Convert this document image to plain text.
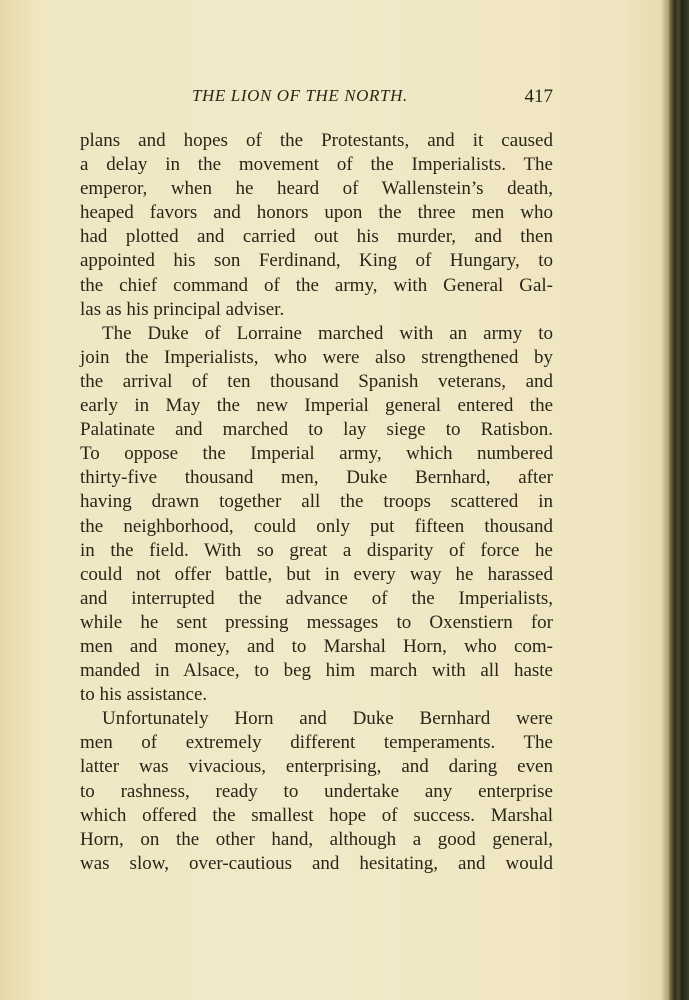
THE LION OF THE NORTH.	417
plans and hopes of the Protestants, and it caused
a delay in the movement of the Imperialists. The
emperor, when he heard of Wallenstein’s death,
heaped favors and honors upon the three men who
had plotted and carried out his murder, and then
appointed his son Ferdinand, King of Hungary, to
the chief command of the army, with General Gal-
las as his principal adviser.
The Duke of Lorraine marched with an army to
join the Imperialists, who were also strengthened by
the arrival of ten thousand Spanish veterans, and
early in May the new Imperial general entered the
Palatinate and marched to lay siege to Ratisbon.
To oppose the Imperial army, which numbered
thirty-five thousand men, Duke Bernhard, after
having drawn together all the troops scattered in
the neighborhood, could only put fifteen thousand
in the field. With so great a disparity of force he
could not offer battle, but in every way he harassed
and interrupted the advance of the Imperialists,
while he sent pressing messages to Oxenstiern for
men and money, and to Marshal Horn, who com-
manded in Alsace, to beg him march with all haste
to his assistance.
Unfortunately Horn and Duke Bernhard were
men of extremely different temperaments. The
latter was vivacious, enterprising, and daring even
to rashness, ready to undertake any enterprise
which offered the smallest hope of success. Marshal
Horn, on the other hand, although a good general,
was slow, over-cautious and hesitating, and would
